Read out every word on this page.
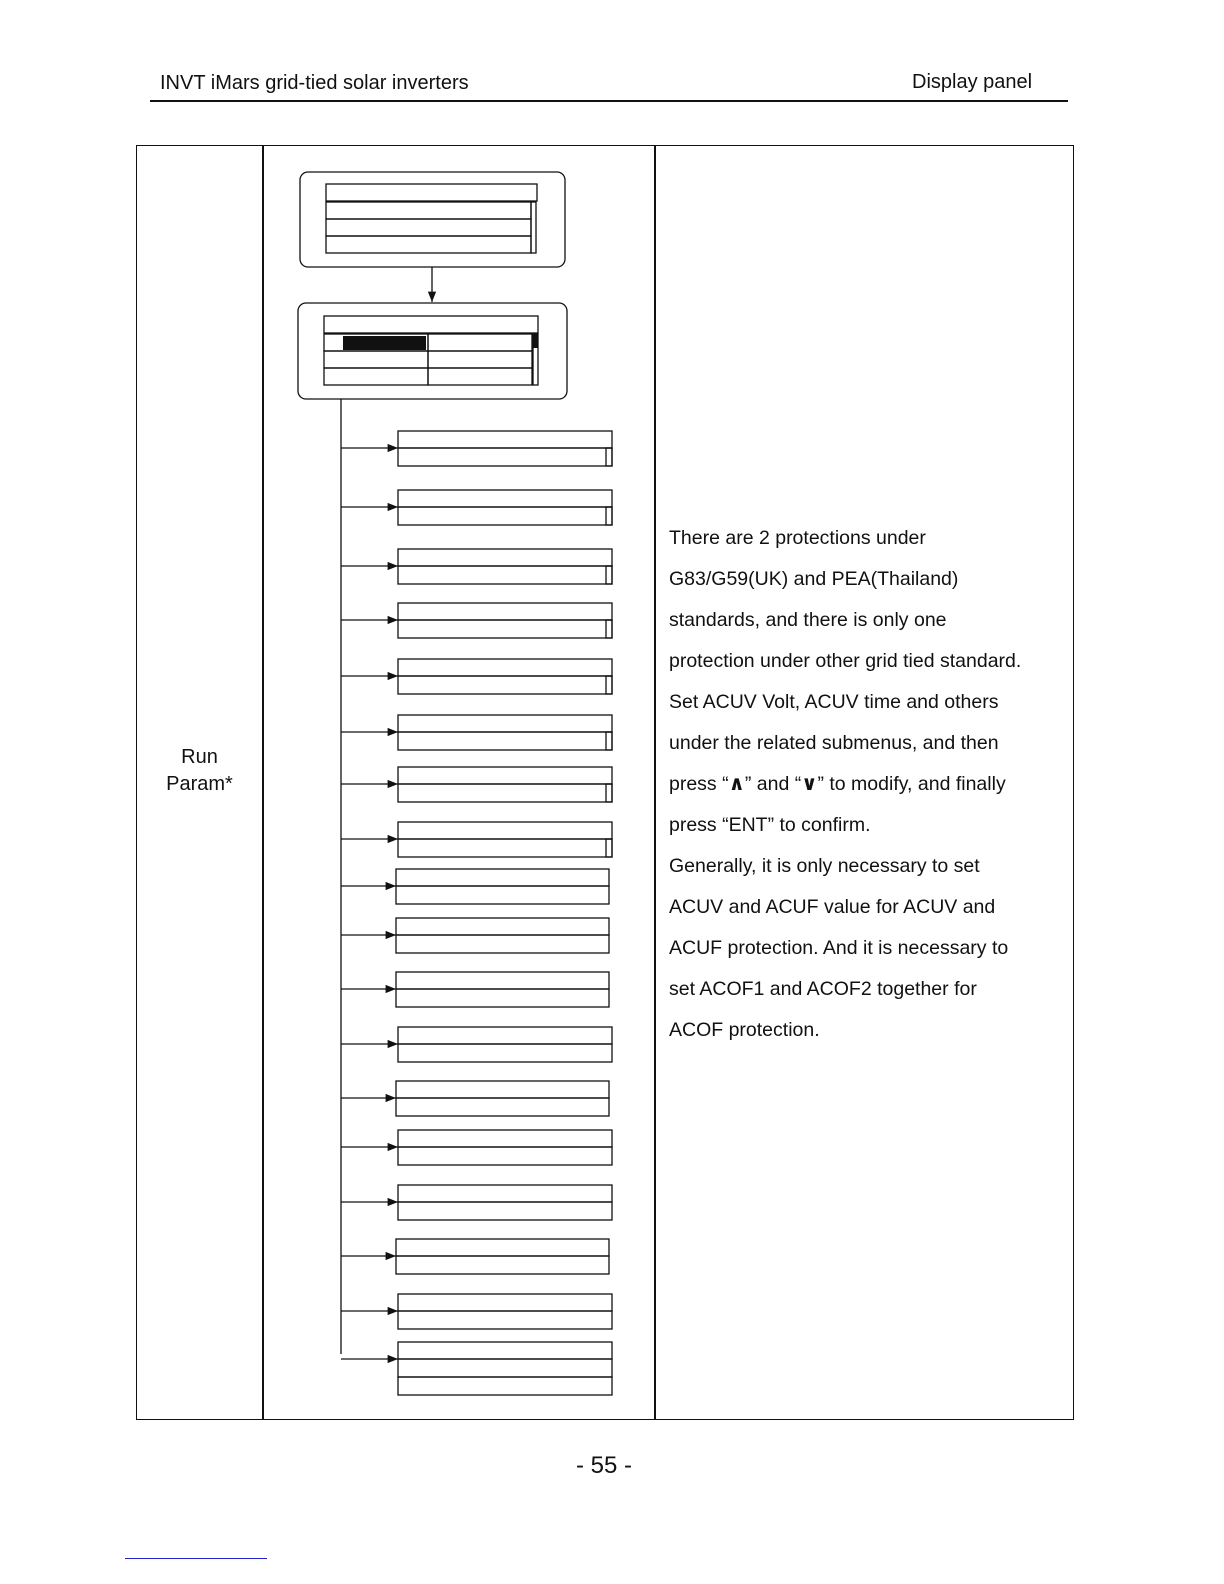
INVT iMars grid-tied solar inverters	Display panel
Run
Param*

There are 2 protections under

G83/G59(UK) and PEA(Thailand)

standards, and there is only one

protection under other grid tied standard.

Set ACUV Volt, ACUV time and others

under the related submenus, and then

press “∧” and “∨” to modify, and finally

press “ENT” to confirm.

Generally, it is only necessary to set

ACUV and ACUF value for ACUV and

ACUF protection. And it is necessary to

set ACOF1 and ACOF2 together for

ACOF protection.

- 55 -
